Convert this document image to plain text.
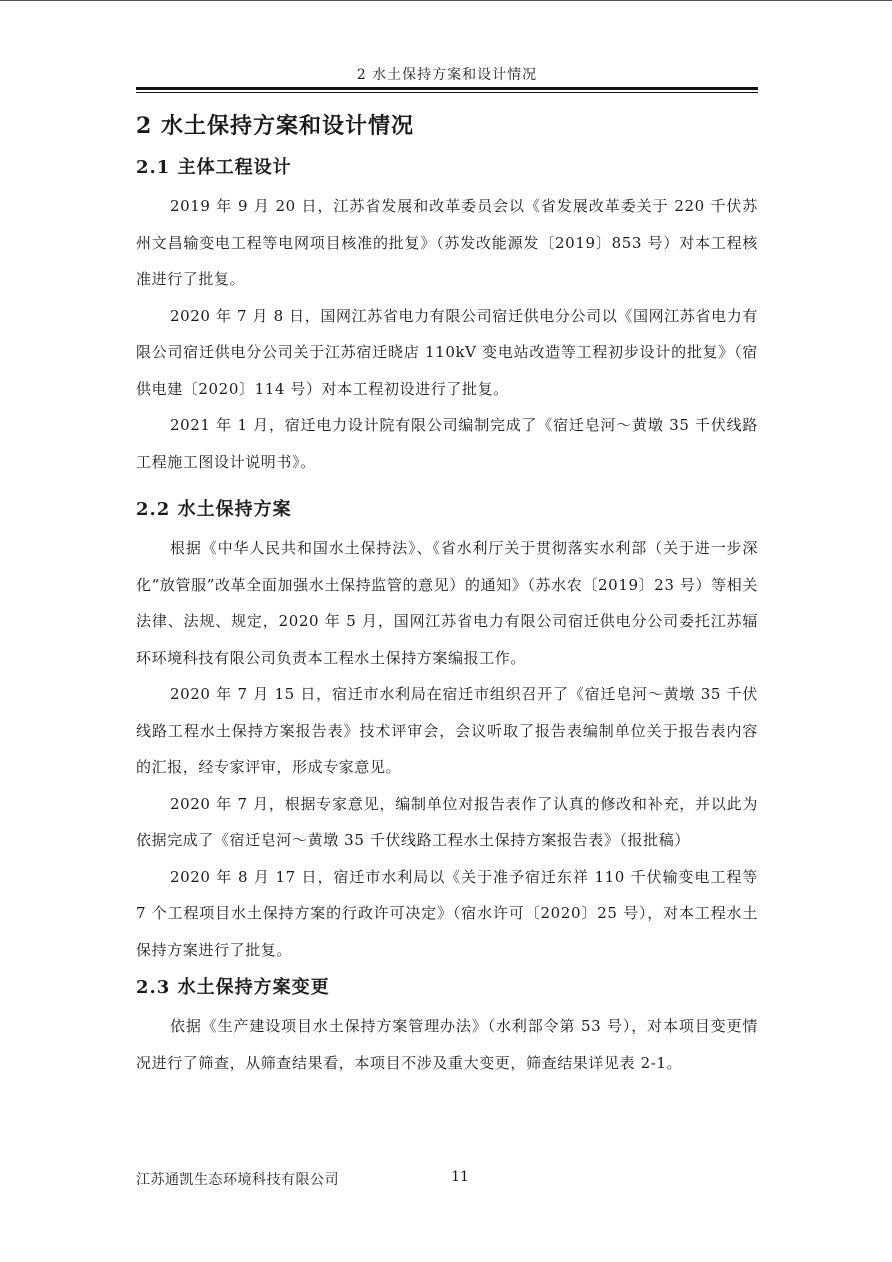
2 水土保持方案和设计情况
2 水土保持方案和设计情况
2.1 主体工程设计

2019 年 9 月 20 日，江苏省发展和改革委员会以《省发展改革委关于 220 千伏苏州文昌输变电工程等电网项目核准的批复》（苏发改能源发〔2019〕853 号）对本工程核准进行了批复。

2020 年 7 月 8 日，国网江苏省电力有限公司宿迁供电分公司以《国网江苏省电力有限公司宿迁供电分公司关于江苏宿迁晓店 110kV 变电站改造等工程初步设计的批复》（宿供电建〔2020〕114 号）对本工程初设进行了批复。

2021 年 1 月，宿迁电力设计院有限公司编制完成了《宿迁皂河～黄墩 35 千伏线路工程施工图设计说明书》。

2.2 水土保持方案

根据《中华人民共和国水土保持法》、《省水利厅关于贯彻落实水利部（关于进一步深化“放管服”改革全面加强水土保持监管的意见）的通知》（苏水农〔2019〕23 号）等相关法律、法规、规定，2020 年 5 月，国网江苏省电力有限公司宿迁供电分公司委托江苏辐环环境科技有限公司负责本工程水土保持方案编报工作。

2020 年 7 月 15 日，宿迁市水利局在宿迁市组织召开了《宿迁皂河～黄墩 35 千伏线路工程水土保持方案报告表》技术评审会，会议听取了报告表编制单位关于报告表内容的汇报，经专家评审，形成专家意见。

2020 年 7 月，根据专家意见，编制单位对报告表作了认真的修改和补充，并以此为依据完成了《宿迁皂河～黄墩 35 千伏线路工程水土保持方案报告表》（报批稿）

2020 年 8 月 17 日，宿迁市水利局以《关于准予宿迁东祥 110 千伏输变电工程等 7 个工程项目水土保持方案的行政许可决定》（宿水许可〔2020〕25 号），对本工程水土保持方案进行了批复。

2.3 水土保持方案变更

依据《生产建设项目水土保持方案管理办法》（水利部令第 53 号），对本项目变更情况进行了筛查，从筛查结果看，本项目不涉及重大变更，筛查结果详见表 2-1。

江苏通凯生态环境科技有限公司	11
